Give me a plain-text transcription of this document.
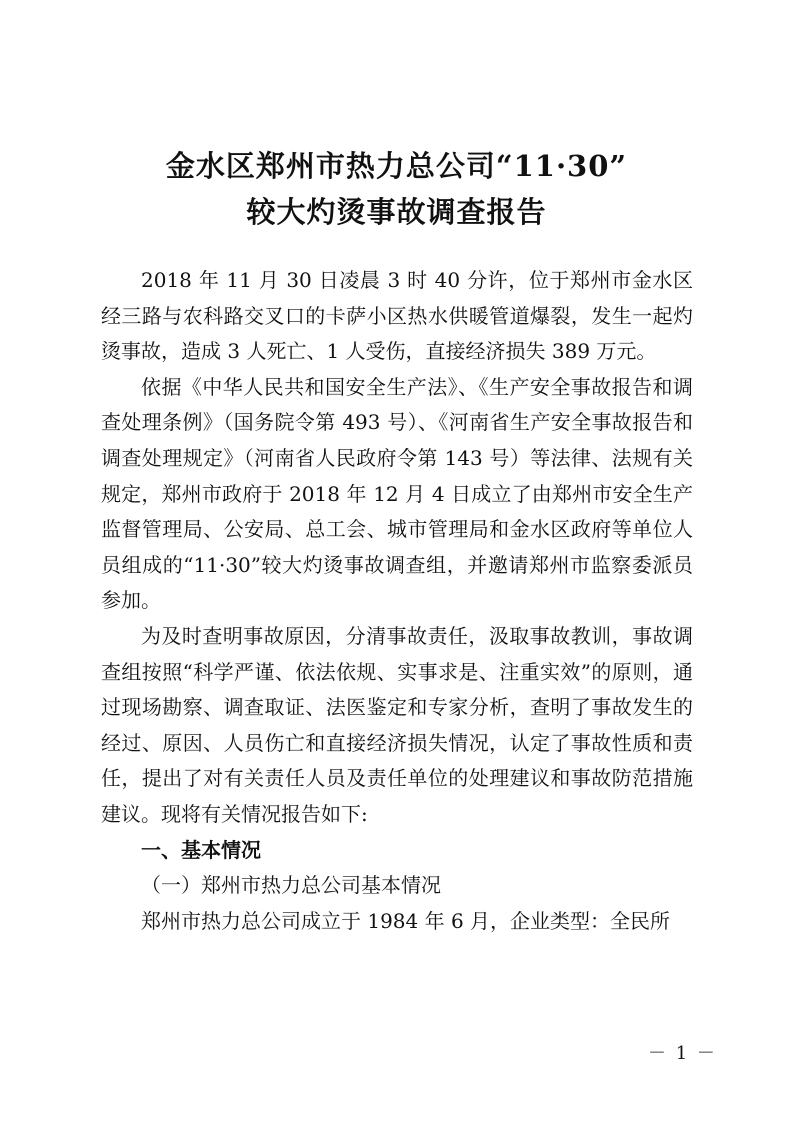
金水区郑州市热力总公司“11·30”
较大灼烫事故调查报告

2018 年 11 月 30 日凌晨 3 时 40 分许，位于郑州市金水区经三路与农科路交叉口的卡萨小区热水供暖管道爆裂，发生一起灼烫事故，造成 3 人死亡、1 人受伤，直接经济损失 389 万元。

依据《中华人民共和国安全生产法》、《生产安全事故报告和调查处理条例》（国务院令第 493 号）、《河南省生产安全事故报告和调查处理规定》（河南省人民政府令第 143 号）等法律、法规有关规定，郑州市政府于 2018 年 12 月 4 日成立了由郑州市安全生产监督管理局、公安局、总工会、城市管理局和金水区政府等单位人员组成的“11·30”较大灼烫事故调查组，并邀请郑州市监察委派员参加。

为及时查明事故原因，分清事故责任，汲取事故教训，事故调查组按照“科学严谨、依法依规、实事求是、注重实效”的原则，通过现场勘察、调查取证、法医鉴定和专家分析，查明了事故发生的经过、原因、人员伤亡和直接经济损失情况，认定了事故性质和责任，提出了对有关责任人员及责任单位的处理建议和事故防范措施建议。现将有关情况报告如下:

一、基本情况

（一）郑州市热力总公司基本情况

郑州市热力总公司成立于 1984 年 6 月，企业类型：全民所

－ 1 －
